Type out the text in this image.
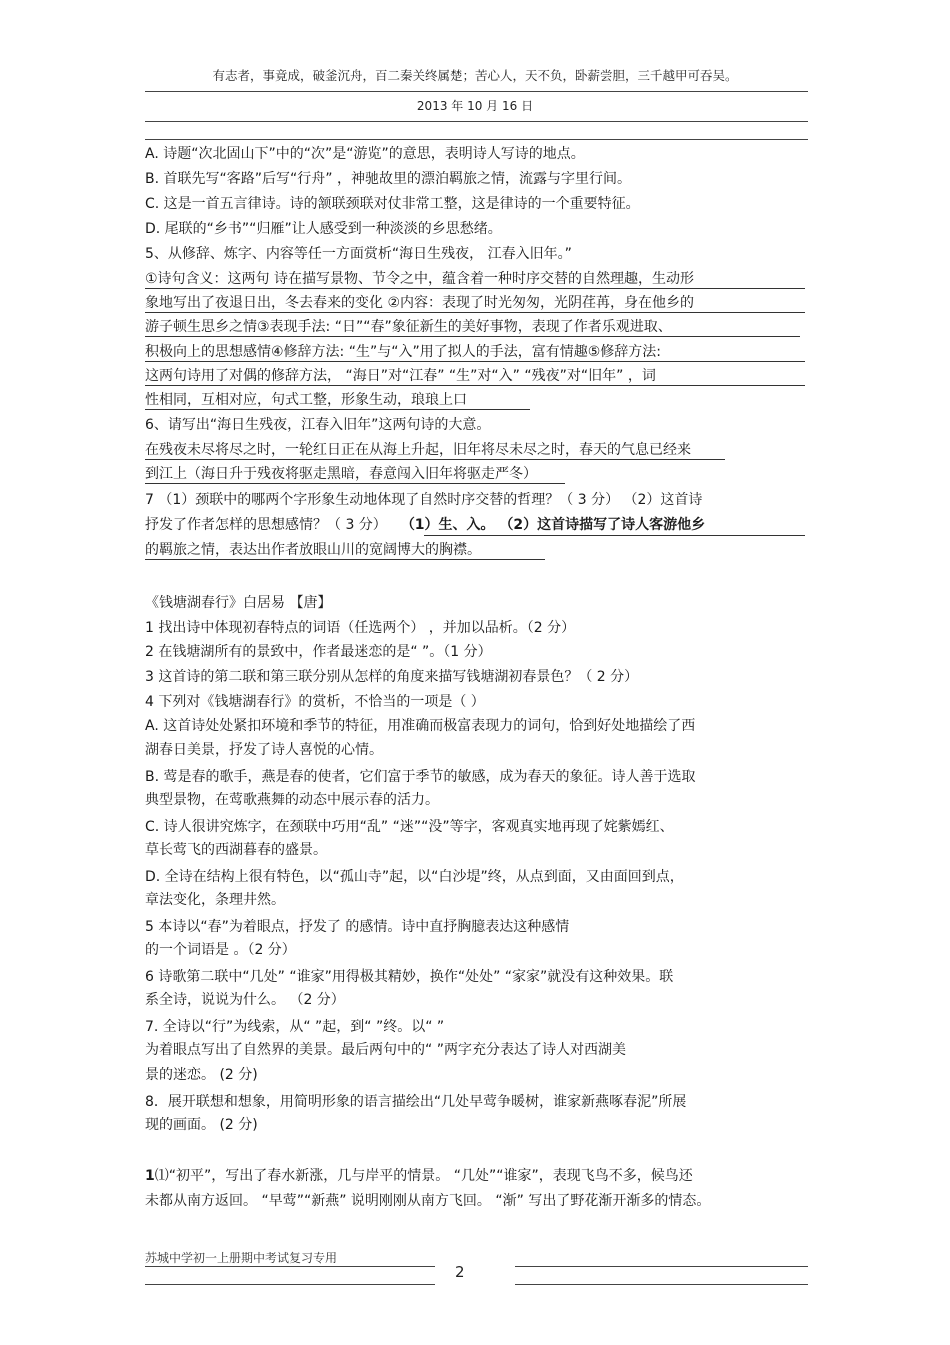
有志者，事竟成，破釜沉舟，百二秦关终属楚；苦心人，天不负，卧薪尝胆，三千越甲可吞吴。
2013 年 10 月 16 日
A. 诗题“次北固山下”中的“次”是“游览”的意思，表明诗人写诗的地点。
B. 首联先写“客路”后写“行舟” ，神驰故里的漂泊羁旅之情，流露与字里行间。
C. 这是一首五言律诗。诗的颔联颈联对仗非常工整，这是律诗的一个重要特征。
D. 尾联的“乡书”“归雁”让人感受到一种淡淡的乡思愁绪。
5、从修辞、炼字、内容等任一方面赏析“海日生残夜， 江春入旧年。”
①诗句含义：这两句 诗在描写景物、节令之中，蕴含着一种时序交替的自然理趣，生动形
象地写出了夜退日出，冬去春来的变化 ②内容：表现了时光匆匆，光阴荏苒，身在他乡的
游子顿生思乡之情③表现手法: “日”“春”象征新生的美好事物，表现了作者乐观进取、
积极向上的思想感情④修辞方法: “生”与“入”用了拟人的手法，富有情趣⑤修辞方法:
这两句诗用了对偶的修辞方法， “海日”对“江春” “生”对“入” “残夜”对“旧年” ，词
性相同，互相对应，句式工整，形象生动，琅琅上口
6、请写出“海日生残夜，江春入旧年”这两句诗的大意。
在残夜未尽将尽之时，一轮红日正在从海上升起，旧年将尽未尽之时，春天的气息已经来
到江上（海日升于残夜将驱走黑暗，春意闯入旧年将驱走严冬）
7 （1）颈联中的哪两个字形象生动地体现了自然时序交替的哲理？（ 3 分） （2）这首诗
抒发了作者怎样的思想感情？（ 3 分） （1）生、入。 （2）这首诗描写了诗人客游他乡
的羁旅之情，表达出作者放眼山川的宽阔博大的胸襟。
《钱塘湖春行》白居易 【唐】
1 找出诗中体现初春特点的词语（任选两个） ，并加以品析。（2 分）
2 在钱塘湖所有的景致中，作者最迷恋的是“ ”。（1 分）
3 这首诗的第二联和第三联分别从怎样的角度来描写钱塘湖初春景色？（ 2 分）
4 下列对《钱塘湖春行》的赏析，不恰当的一项是（ ）
A. 这首诗处处紧扣环境和季节的特征，用准确而极富表现力的词句，恰到好处地描绘了西
湖春日美景，抒发了诗人喜悦的心情。
B. 莺是春的歌手，燕是春的使者，它们富于季节的敏感，成为春天的象征。诗人善于选取
典型景物，在莺歌燕舞的动态中展示春的活力。
C. 诗人很讲究炼字，在颈联中巧用“乱” “迷”“没”等字，客观真实地再现了姹紫嫣红、
草长莺飞的西湖暮春的盛景。
D. 全诗在结构上很有特色，以“孤山寺”起，以“白沙堤”终，从点到面，又由面回到点，
章法变化，条理井然。
5 本诗以“春”为着眼点，抒发了 的感情。诗中直抒胸臆表达这种感情
的一个词语是 。（2 分）
6 诗歌第二联中“几处” “谁家”用得极其精妙，换作“处处” “家家”就没有这种效果。联
系全诗，说说为什么。 （2 分）
7. 全诗以“行”为线索，从“ ”起，到“ ”终。以“ ”
为着眼点写出了自然界的美景。最后两句中的“ ”两字充分表达了诗人对西湖美
景的迷恋。 (2 分)
8．展开联想和想象，用简明形象的语言描绘出“几处早莺争暖树，谁家新燕啄春泥”所展
现的画面。 (2 分)
1⑴“初平”，写出了春水新涨，几与岸平的情景。 “几处”“谁家”，表现飞鸟不多，候鸟还
未都从南方返回。 “早莺”“新燕” 说明刚刚从南方飞回。 “渐” 写出了野花渐开渐多的情态。
苏城中学初一上册期中考试复习专用
2
